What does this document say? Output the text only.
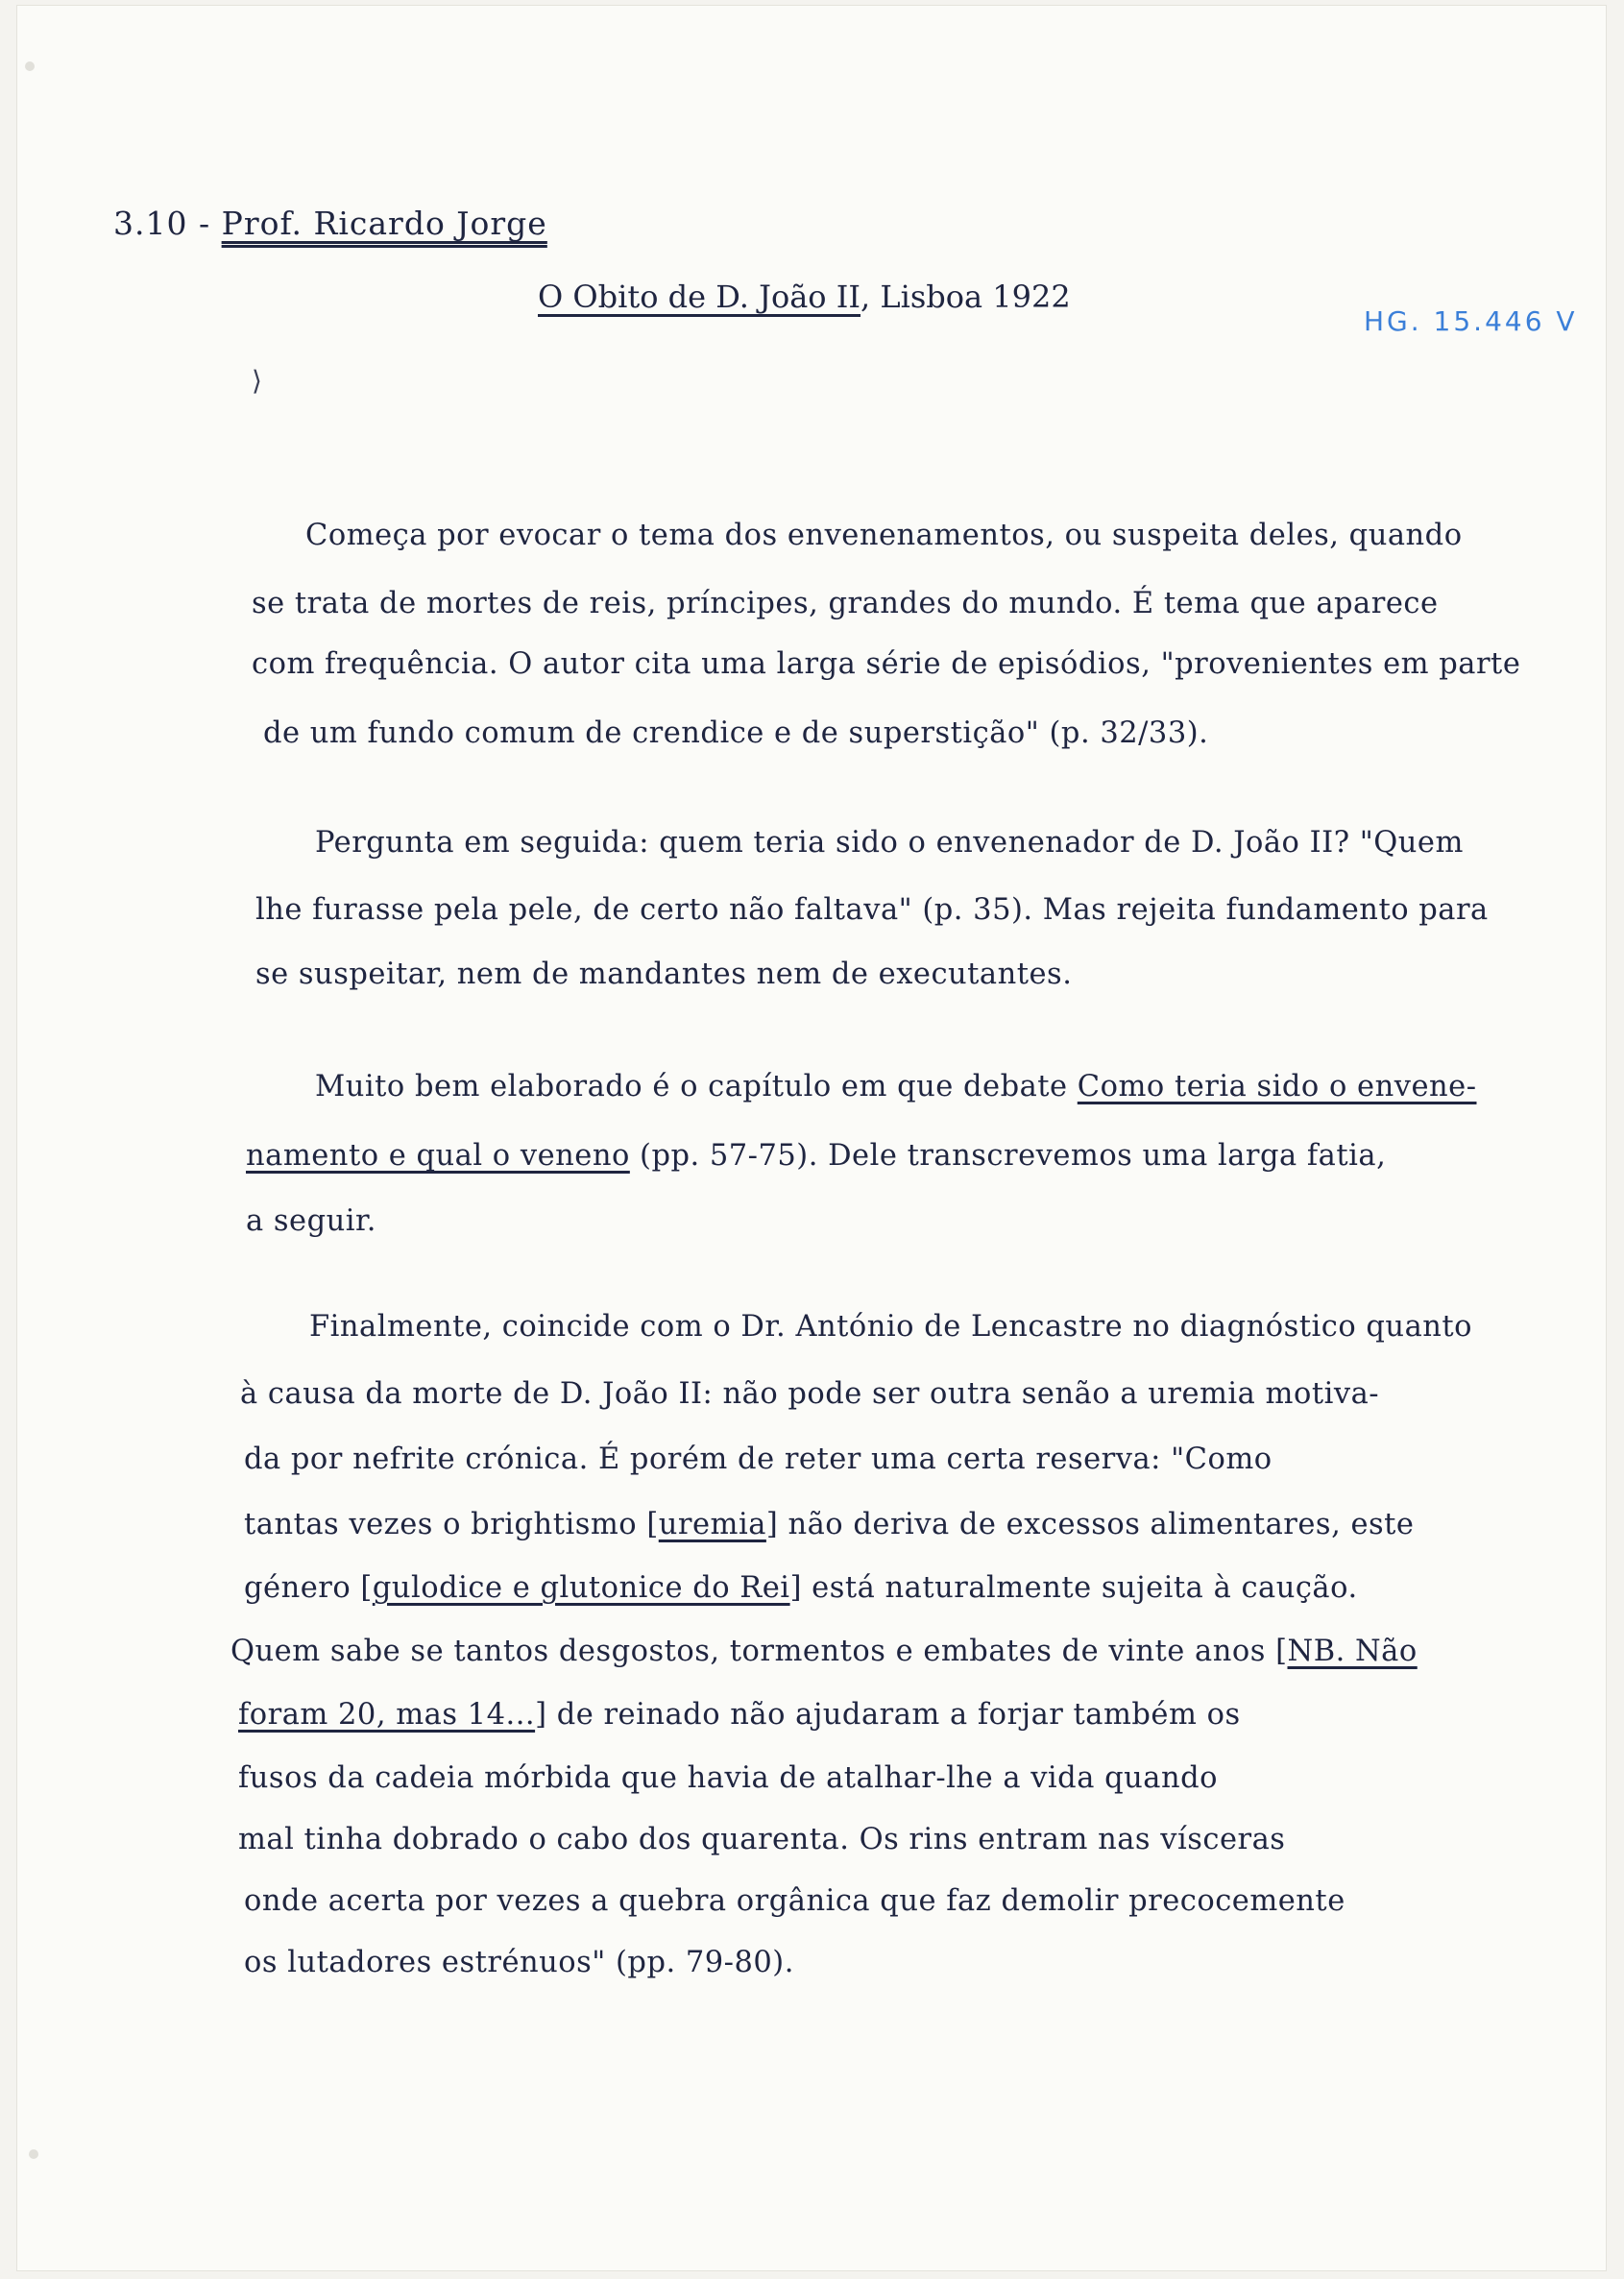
3.10 - Prof. Ricardo Jorge
O Obito de D. João II, Lisboa 1922
HG. 15.446 V
⟩
Começa por evocar o tema dos envenenamentos, ou suspeita deles, quando
se trata de mortes de reis, príncipes, grandes do mundo. É tema que aparece
com frequência. O autor cita uma larga série de episódios, "provenientes em parte
de um fundo comum de crendice e de superstição" (p. 32/33).
Pergunta em seguida: quem teria sido o envenenador de D. João II? "Quem
lhe furasse pela pele, de certo não faltava" (p. 35). Mas rejeita fundamento para
se suspeitar, nem de mandantes nem de executantes.
Muito bem elaborado é o capítulo em que debate Como teria sido o envene-
namento e qual o veneno (pp. 57-75). Dele transcrevemos uma larga fatia,
a seguir.
Finalmente, coincide com o Dr. António de Lencastre no diagnóstico quanto
à causa da morte de D. João II: não pode ser outra senão a uremia motiva-
da por nefrite crónica. É porém de reter uma certa reserva: "Como
tantas vezes o brightismo [uremia] não deriva de excessos alimentares, este
género [gulodice e glutonice do Rei] está naturalmente sujeita à caução.
Quem sabe se tantos desgostos, tormentos e embates de vinte anos [NB. Não
foram 20, mas 14...] de reinado não ajudaram a forjar também os
fusos da cadeia mórbida que havia de atalhar-lhe a vida quando
mal tinha dobrado o cabo dos quarenta. Os rins entram nas vísceras
onde acerta por vezes a quebra orgânica que faz demolir precocemente
os lutadores estrénuos" (pp. 79-80).
